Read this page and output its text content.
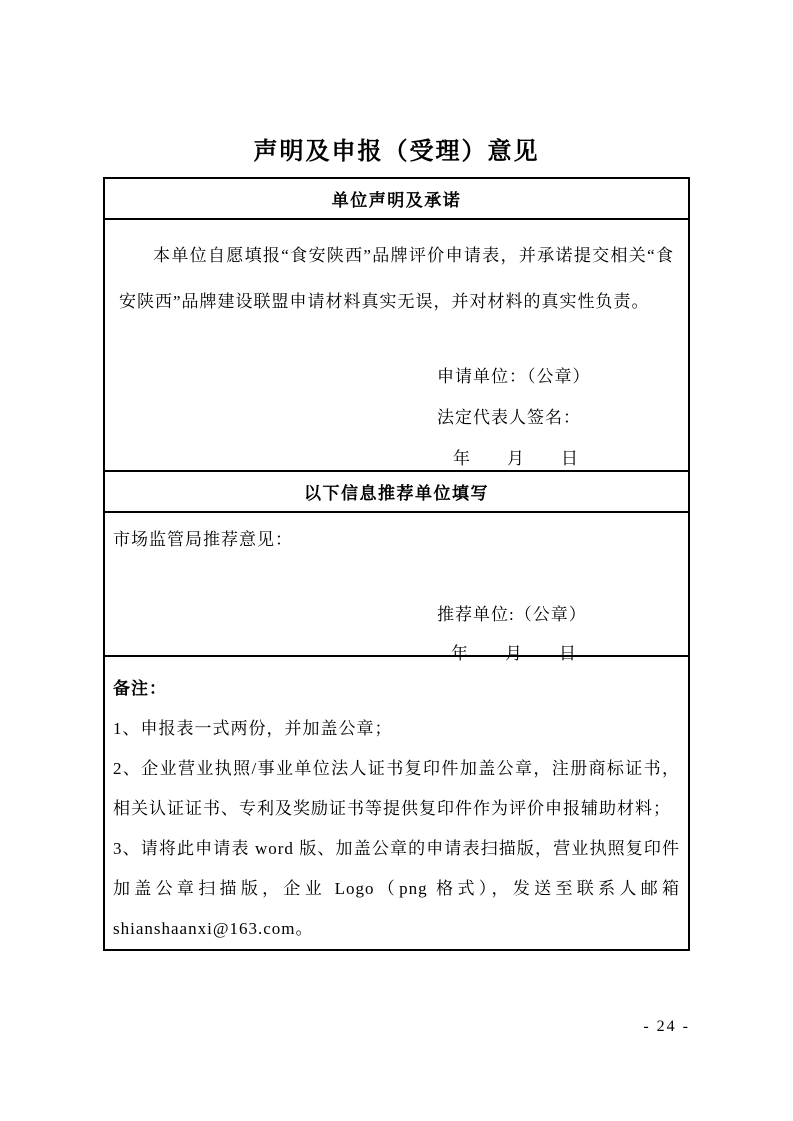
声明及申报（受理）意见
单位声明及承诺

本单位自愿填报“食安陕西”品牌评价申请表，并承诺提交相关“食安陕西”品牌建设联盟申请材料真实无误，并对材料的真实性负责。

申请单位：（公章）
法定代表人签名：
年　　月　　日
以下信息推荐单位填写

市场监管局推荐意见：

推荐单位:（公章）
年　　月　　日

备注：

1、申报表一式两份，并加盖公章；

2、企业营业执照/事业单位法人证书复印件加盖公章，注册商标证书，相关认证证书、专利及奖励证书等提供复印件作为评价申报辅助材料；

3、请将此申请表 word 版、加盖公章的申请表扫描版，营业执照复印件加盖公章扫描版，企业 Logo（png 格式），发送至联系人邮箱shianshaanxi@163.com。

- 24 -
